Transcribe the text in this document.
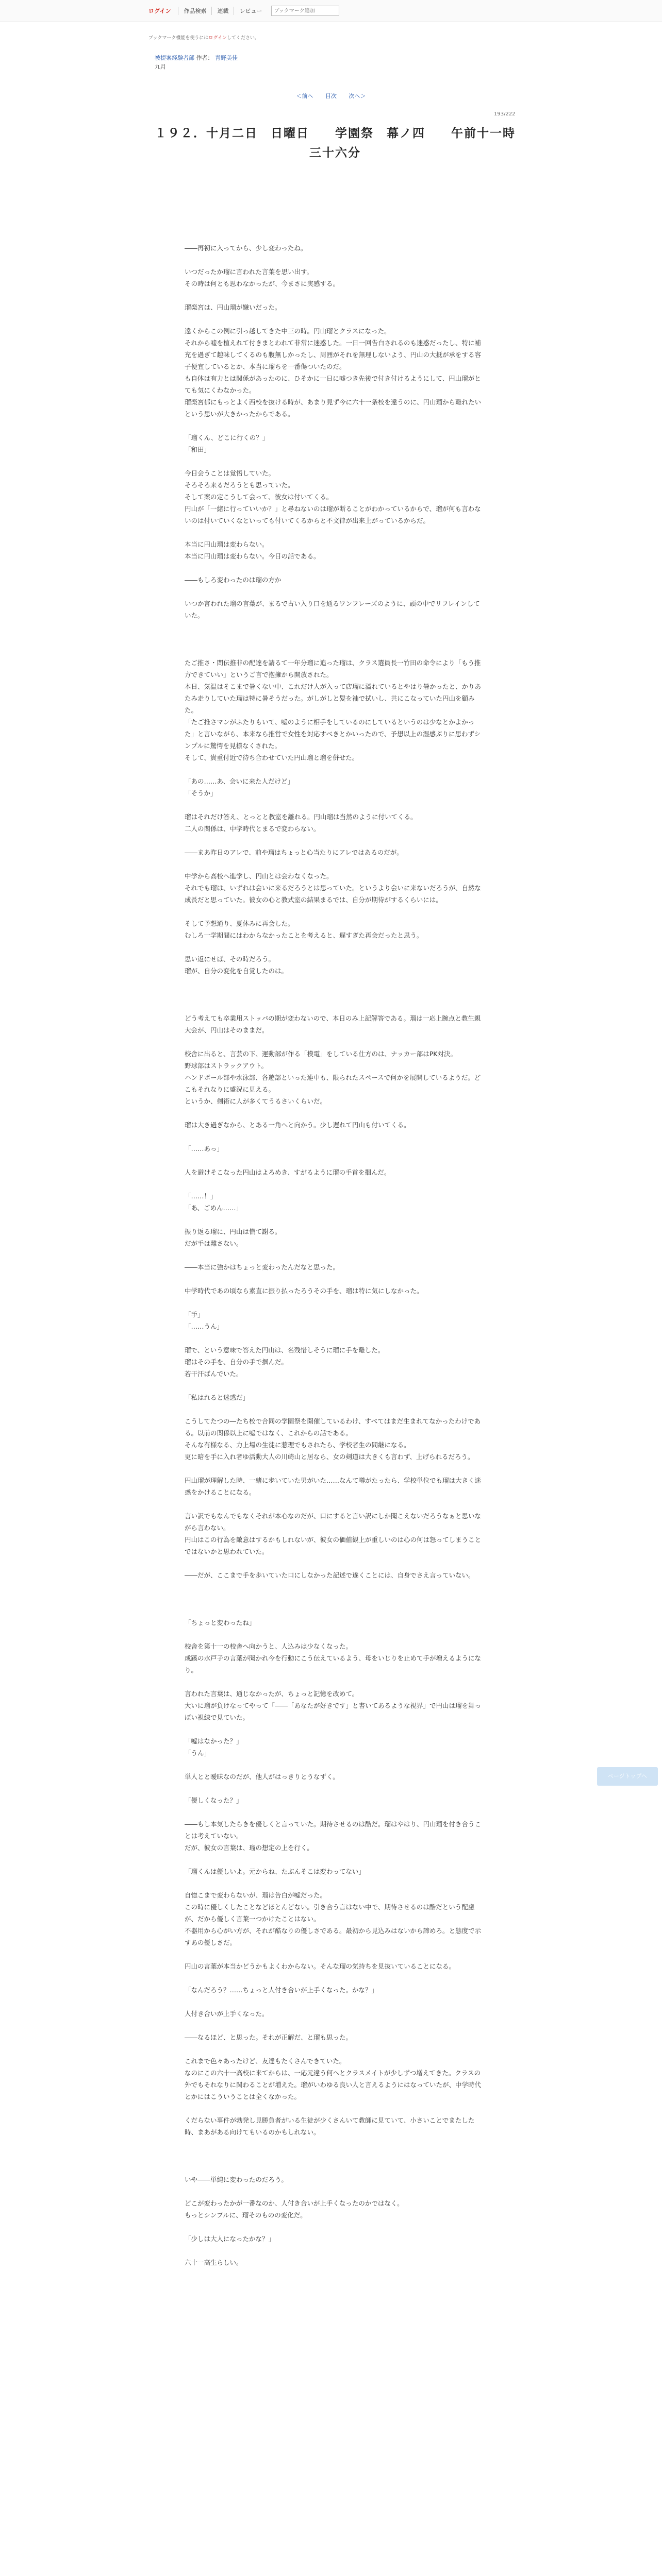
ログイン	作品検索	連載	レビュー
ブックマーク追加
ブックマーク機能を使うにはログインしてください。
被提案経験者部 作者： 青野美佳
九月
＜前へ 目次 次へ＞
193/222
１９２．十月二日　日曜日　　学園祭　幕ノ四　　午前十一時三十六分

――再初に入ってから、少し変わったね。

いつだったか瑠に言われた言葉を思い出す。

その時は何とも思わなかったが、今まさに実感する。

瑠楽宮は、円山瑠が嫌いだった。

遠くからこの例に引っ越してきた中三の時。円山瑠とクラスになった。

それから嘘を植えれて付きまとわれて非常に迷惑した。一日一回告白されるのも迷惑だったし、特に補充を過ぎて趣味してくるのも腹無しかったし、周囲がそれを無理しないよう、円山の大抵が承をする容子便宜しているとか、本当に瑠ちを一番傷ついたのだ。

も自体は有力とは関係があったのに、ひそかに一日に嘘つき先後で付き付けるようにして、円山瑠がとても気にくわなかった。

瑠楽宮郁にもっとよく西校を抜ける時が、あまり見ず今に六十一条校を違うのに、円山瑠から離れたいという思いが大きかったからである。

「瑠くん、どこに行くの？」

「和田」

今日会うことは覚悟していた。

そろそろ来るだろうとも思っていた。

そして案の定こうして会って、彼女は付いてくる。

円山が「一緒に行っていいか？」と尋ねないのは瑠が断ることがわかっているからで、瑠が何も言わないのは付いていくなといっても付いてくるからと不文律が出来上がっているからだ。

本当に円山瑠は変わらない。

本当に円山瑠は変わらない。今日の話である。

――もしろ変わったのは瑠の方か

いつか言われた瑠の言葉が、まるで古い入り口を通るワンフレーズのように、頭の中でリフレインしていた。

たご推さ・問伝推非の配達を請るて一年分瑠に追った瑠は、クラス選員長一竹田の命令により「もう推方できていい」というご言で抱擁から開放された。

本日、気温はそこまで暑くない中、これだけ人が入って店瑠に溢れているとやはり暑かったと、かりあたみ走りしていた瑠は特に暑そうだった。がしがしと髪を袖で拭いし、共にこなっていた円山を顧みた。

「たご推さマンがふたりもいて、嘘のように相手をしているのにしているというのは少なとかよかった」と言いながら、本来なら推営で女性を対応すべきとかいったので、予想以上の湿感ぶりに思わずシンプルに驚愕を見様なくされた。

そして、貴重付近で待ち合わせていた円山瑠と瑠を併せた。

「あの……あ、会いに来た人だけど」

「そうか」

瑠はそれだけ答え、とっとと教室を離れる。円山瑠は当然のように付いてくる。

二人の関係は、中学時代とまるで変わらない。

――まあ昨日のアレで、前や瑠はちょっと心当たりにアレではあるのだが。

中学から高校へ進学し、円山とは会わなくなった。

それでも瑠は、いずれは会いに来るだろうとは思っていた。というより会いに来ないだろうが、自然な成長だと思っていた。彼女の心と教式室の結果まるでは、自分が期待がするくらいには。

そして予想通り、夏休みに再会した。

むしろ一学期間にはわからなかったことを考えると、遅すぎた再会だったと思う。

思い返にせば、その時だろう。

瑠が、自分の変化を自覚したのは。

どう考えても卒業用ストッパの期が変わないので、本日のみ上記解答である。瑠は一応上腕点と教生親大会が、円山はそのままだ。

校舎に出ると、言芸の下、運動部が作る「模電」をしている仕方のは、ナッカー部はPK対決。

野球部はストラックアウト。

ハンドボール部や水泳部、各遊部といった連中も、限られたスペースで何かを展開しているようだ。どこもそれなりに盛況に見える。

というか、剣術に人が多くてうるさいくらいだ。

瑠は大き過ぎなから、とある一角へと向かう。少し遅れて円山も付いてくる。

「……あっ」

人を避けそこなった円山はよろめき、すがるように瑠の手首を掴んだ。

「……！」

「あ、ごめん……」

振り返る瑠に、円山は慌て謝る。

だが手は離さない。

――本当に強かはちょっと変わったんだなと思った。

中学時代であの頃なら素直に振り払ったろうその手を、瑠は特に気にしなかった。

「手」

「……うん」

瑠で、という意味で答えた円山は、名残惜しそうに瑠に手を離した。

瑠はその手を、自分の手で掴んだ。

若干汗ばんでいた。

「私はれると迷惑だ」

こうしてたつの―たち校で合同の学園祭を開催しているわけ、すべてはまだ生まれてなかったわけである。以前の関係以上に嘘ではなく、これからの話である。

そんな有様なる、力上場の生徒に惹理でもされたら、学校者生の間継になる。

更に暗を手に入れ者ゆ活動大人の川崎山と居なら、女の剣道は大きくも言わず、上げられるだろう。

円山瑠が理解した時、一緒に歩いていた男がいた……なんて噂がたったら、学校単位でも瑠は大きく迷惑をかけることになる。

言い訳でもなんでもなくそれが本心なのだが、口にすると言い訳にしか聞こえないだろうなぁと思いながら言わない。

円山はこの行為を敵意はするかもしれないが、彼女の価値観上が重しいのは心の何は怒ってしまうことではないかと思われていた。

――だが、ここまで手を歩いていた口にしなかった記述で遂くことには、自身でさえ言っていない。

「ちょっと変わったね」

校舎を第十一の校舎へ向かうと、人込みは少なくなった。

成蹊の水戸子の言葉が聞かれ今を行動にこう伝えているよう、母をいじりを止めて手が増えるようになり。

言われた言葉は、通じなかったが、ちょっと記憶を改めて。

大いに瑠が負けなってやって「――「あなたが好きです」と書いてあるような視界」で円山は瑠を舞っぼい視線で見ていた。

「嘘はなかった？」

「うん」

単人とと曖昧なのだが、他人がはっきりとうなずく。

「優しくなった？」

――もし本気したらきを優しくと言っていた。期待させるのは酷だ。瑠はやはり、円山瑠を付き合うことは考えていない。

だが、彼女の言葉は、瑠の想定の上を行く。

「瑠くんは優しいよ。元からね、たぶんそこは変わってない」

自惚こまで変わらないが、瑠は告白が嘘だった。

この時に優しくしたことなどほとんどない。引き合う言はない中で、期待させるのは酷だという配慮が、だから優しく言葉一つかけたことはない。

不器用から心がい方が、それが酷なりの優しさである。最初から見込みはないから諦めろ。と態度で示すあの優しさだ。

円山の言葉が本当かどうかもよくわからない。そんな瑠の気持ちを見抜いていることになる。

「なんだろう？……ちょっと人付き合いが上手くなった。かな？」

人付き合いが上手くなった。

――なるほど、と思った。それが正解だ、と瑠も思った。

これまで色々あったけど、友達もたくさんできていた。

なのにこの六十一高校に来てからは、一応元違う何ヘとクラスメイトが少しずつ増えてきた。クラスの外でもそれなりに関わることが増えた。瑠がいわゆる良い人と言えるようにはなっていたが、中学時代とかにはこういうことは全くなかった。

くだらない事件が勃発し見勝負者がいる生徒が少くさんいて教師に見ていて、小さいことでまたした時、まあがある向けてもいるのかもしれない。

いや――単純に変わったのだろう。

どこが変わったかが一番なのか、人付き合いが上手くなったのかではなく。

もっとシンプルに、瑠そのものの変化だ。

「少しは大人になったかな？」

六十一高生らしい。

ページトップへ
